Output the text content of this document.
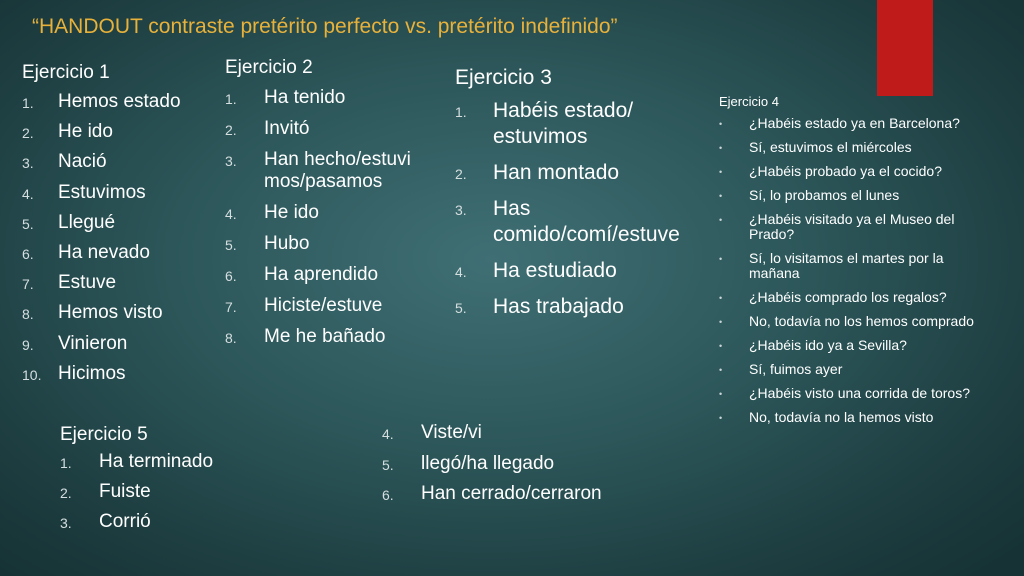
“HANDOUT contraste pretérito perfecto vs. pretérito indefinido”
Ejercicio 1
1. Hemos estado
2. He ido
3. Nació
4. Estuvimos
5. Llegué
6. Ha nevado
7. Estuve
8. Hemos visto
9. Vinieron
10. Hicimos
Ejercicio 2
1. Ha tenido
2. Invitó
3. Han hecho/estuvimos/pasamos
4. He ido
5. Hubo
6. Ha aprendido
7. Hiciste/estuve
8. Me he bañado
Ejercicio 3
1. Habéis estado/estuvimos
2. Han montado
3. Has comido/comí/estuve
4. Ha estudiado
5. Has trabajado
Ejercicio 4
• ¿Habéis estado ya en Barcelona?
• Sí, estuvimos el miércoles
• ¿Habéis probado ya el cocido?
• Sí, lo probamos el lunes
• ¿Habéis visitado ya el Museo del Prado?
• Sí, lo visitamos el martes por la mañana
• ¿Habéis comprado los regalos?
• No, todavía no los hemos comprado
• ¿Habéis ido ya a Sevilla?
• Sí, fuimos ayer
• ¿Habéis visto una corrida de toros?
• No, todavía no la hemos visto
Ejercicio 5
1. Ha terminado
2. Fuiste
3. Corrió
4. Viste/vi
5. llegó/ha llegado
6. Han cerrado/cerraron
